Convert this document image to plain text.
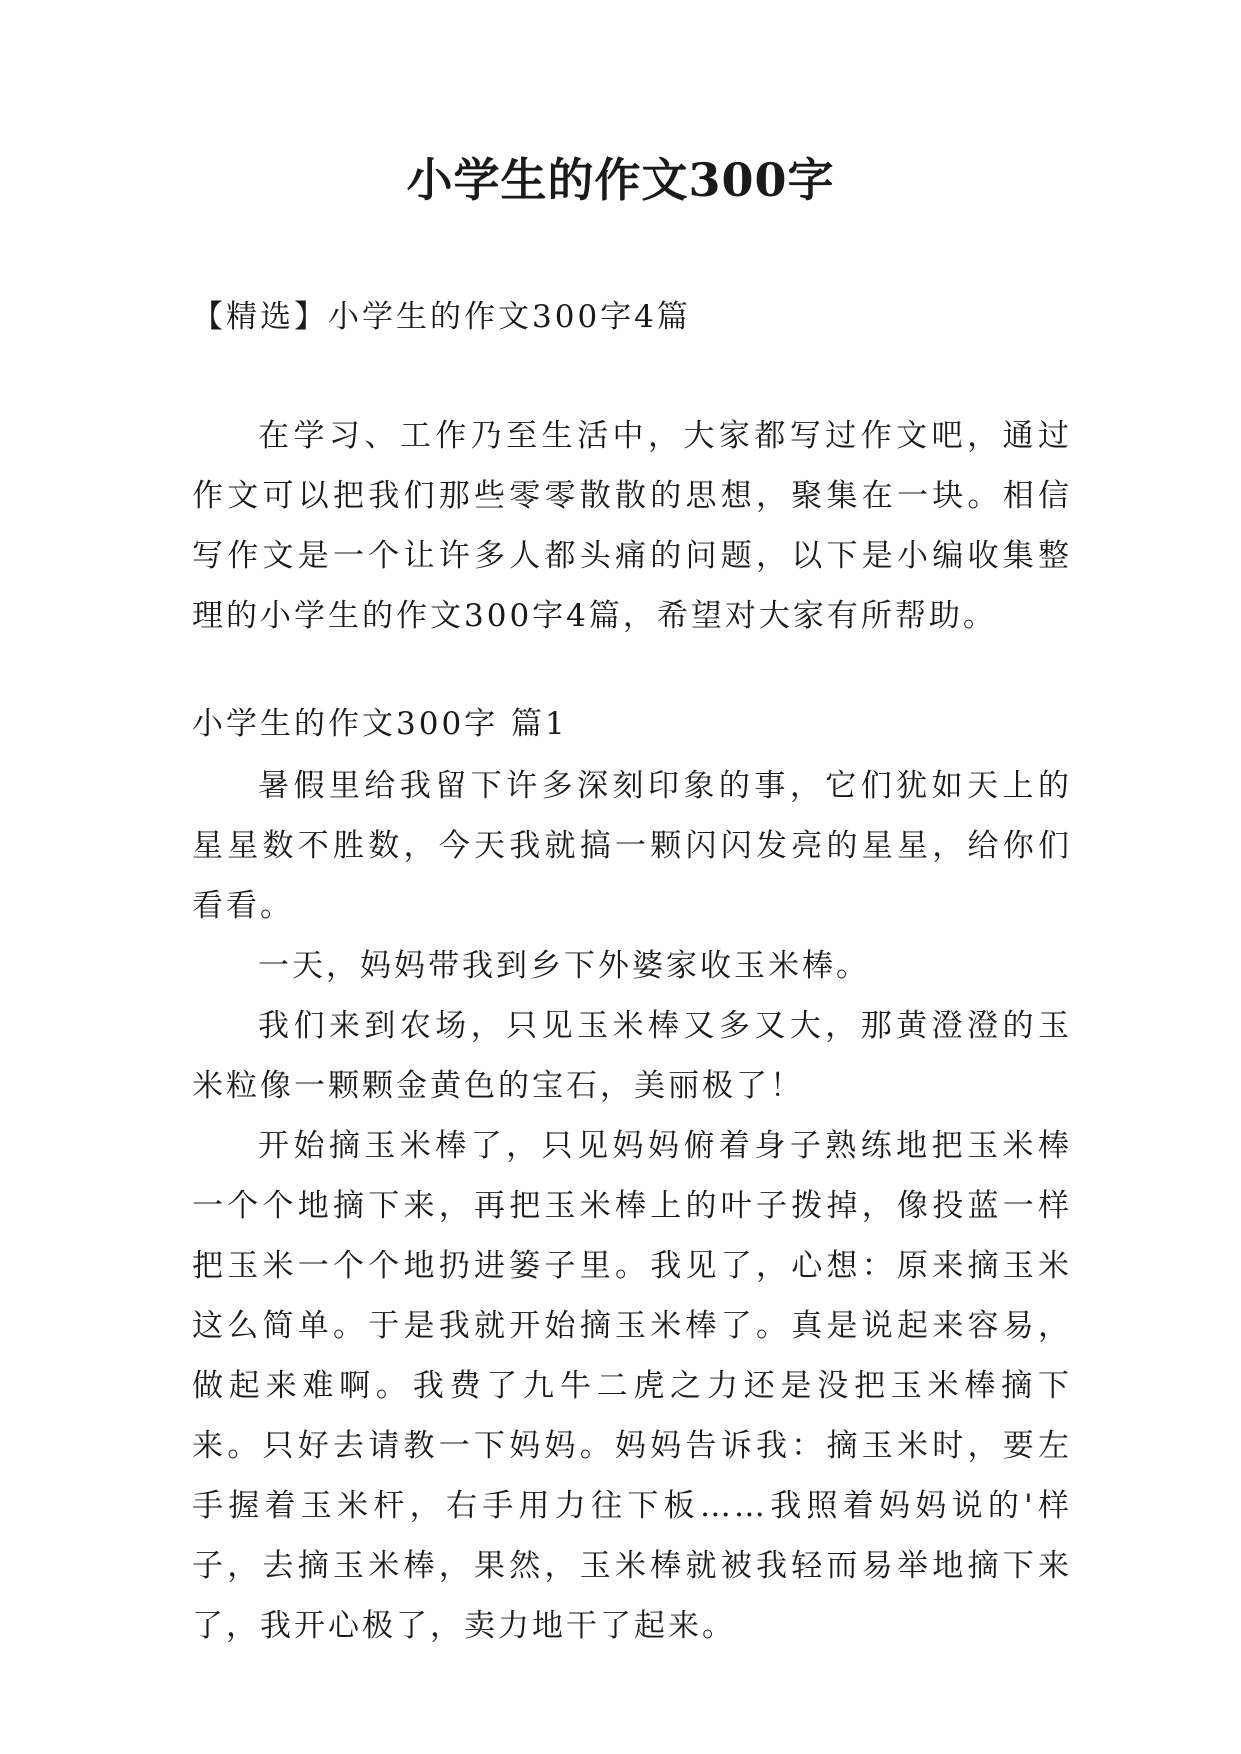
小学生的作文300字
【精选】小学生的作文300字4篇

在学习、工作乃至生活中，大家都写过作文吧，通过作文可以把我们那些零零散散的思想，聚集在一块。相信写作文是一个让许多人都头痛的问题，以下是小编收集整理的小学生的作文300字4篇，希望对大家有所帮助。

小学生的作文300字 篇1

暑假里给我留下许多深刻印象的事，它们犹如天上的星星数不胜数，今天我就搞一颗闪闪发亮的星星，给你们看看。

一天，妈妈带我到乡下外婆家收玉米棒。

我们来到农场，只见玉米棒又多又大，那黄澄澄的玉米粒像一颗颗金黄色的宝石，美丽极了！

开始摘玉米棒了，只见妈妈俯着身子熟练地把玉米棒一个个地摘下来，再把玉米棒上的叶子拨掉，像投蓝一样把玉米一个个地扔进篓子里。我见了，心想：原来摘玉米这么简单。于是我就开始摘玉米棒了。真是说起来容易，做起来难啊。我费了九牛二虎之力还是没把玉米棒摘下来。只好去请教一下妈妈。妈妈告诉我：摘玉米时，要左手握着玉米杆，右手用力往下板……我照着妈妈说的'样子，去摘玉米棒，果然，玉米棒就被我轻而易举地摘下来了，我开心极了，卖力地干了起来。
